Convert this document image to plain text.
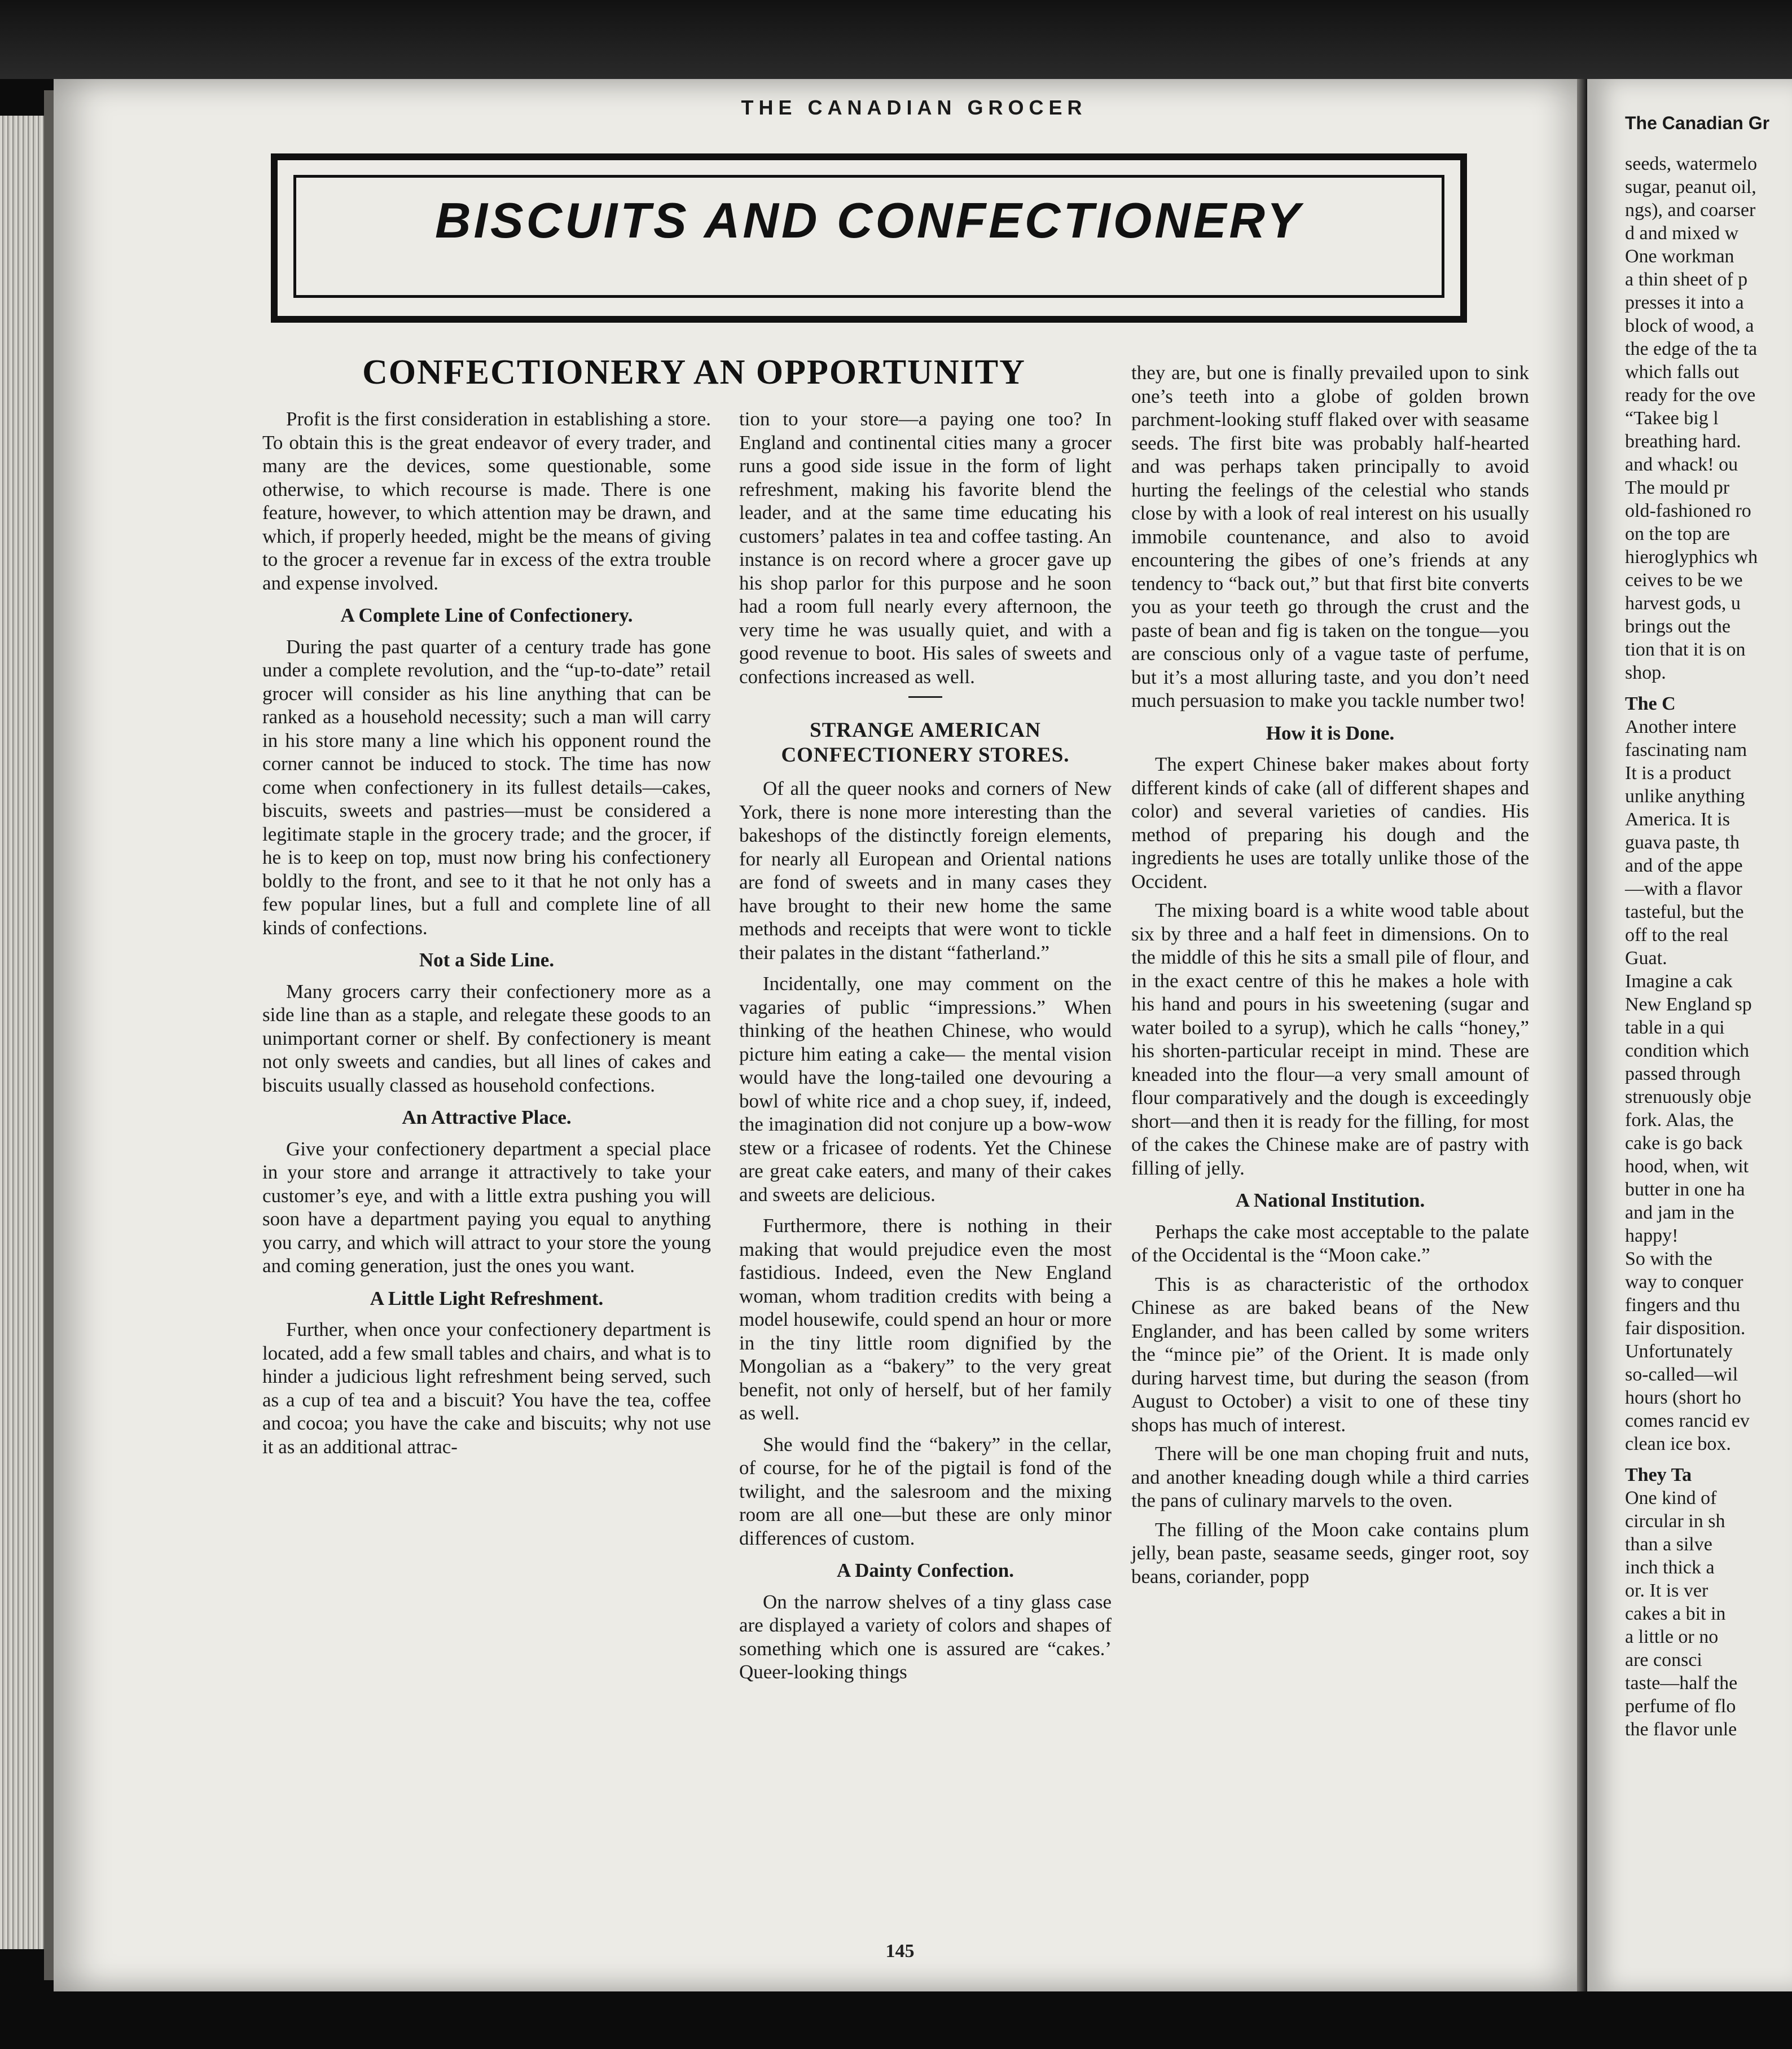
THE CANADIAN GROCER
BISCUITS AND CONFECTIONERY
CONFECTIONERY AN OPPORTUNITY

Profit is the first consideration in establishing a store. To obtain this is the great endeavor of every trader, and many are the devices, some questionable, some otherwise, to which recourse is made. There is one feature, however, to which attention may be drawn, and which, if properly heeded, might be the means of giving to the grocer a revenue far in excess of the extra trouble and expense involved.

A Complete Line of Confectionery.

During the past quarter of a century trade has gone under a complete revolution, and the “up-to-date” retail grocer will consider as his line anything that can be ranked as a household necessity; such a man will carry in his store many a line which his opponent round the corner cannot be induced to stock. The time has now come when confectionery in its fullest details—cakes, biscuits, sweets and pastries—must be considered a legitimate staple in the grocery trade; and the grocer, if he is to keep on top, must now bring his confectionery boldly to the front, and see to it that he not only has a few popular lines, but a full and complete line of all kinds of confections.

Not a Side Line.

Many grocers carry their confectionery more as a side line than as a staple, and relegate these goods to an unimportant corner or shelf. By confectionery is meant not only sweets and candies, but all lines of cakes and biscuits usually classed as household confections.

An Attractive Place.

Give your confectionery department a special place in your store and arrange it attractively to take your customer’s eye, and with a little extra pushing you will soon have a department paying you equal to anything you carry, and which will attract to your store the young and coming generation, just the ones you want.

A Little Light Refreshment.

Further, when once your confectionery department is located, add a few small tables and chairs, and what is to hinder a judicious light refreshment being served, such as a cup of tea and a biscuit? You have the tea, coffee and cocoa; you have the cake and biscuits; why not use it as an additional attrac-

tion to your store—a paying one too? In England and continental cities many a grocer runs a good side issue in the form of light refreshment, making his favorite blend the leader, and at the same time educating his customers’ palates in tea and coffee tasting. An instance is on record where a grocer gave up his shop parlor for this purpose and he soon had a room full nearly every afternoon, the very time he was usually quiet, and with a good revenue to boot. His sales of sweets and confections increased as well.

STRANGE AMERICAN CONFECTIONERY STORES.

Of all the queer nooks and corners of New York, there is none more interesting than the bakeshops of the distinctly foreign elements, for nearly all European and Oriental nations are fond of sweets and in many cases they have brought to their new home the same methods and receipts that were wont to tickle their palates in the distant “fatherland.”

Incidentally, one may comment on the vagaries of public “impressions.” When thinking of the heathen Chinese, who would picture him eating a cake— the mental vision would have the long-tailed one devouring a bowl of white rice and a chop suey, if, indeed, the imagination did not conjure up a bow-wow stew or a fricasee of rodents. Yet the Chinese are great cake eaters, and many of their cakes and sweets are delicious.

Furthermore, there is nothing in their making that would prejudice even the most fastidious. Indeed, even the New England woman, whom tradition credits with being a model housewife, could spend an hour or more in the tiny little room dignified by the Mongolian as a “bakery” to the very great benefit, not only of herself, but of her family as well.

She would find the “bakery” in the cellar, of course, for he of the pigtail is fond of the twilight, and the salesroom and the mixing room are all one—but these are only minor differences of custom.

A Dainty Confection.

On the narrow shelves of a tiny glass case are displayed a variety of colors and shapes of something which one is assured are “cakes.’ Queer-looking things

they are, but one is finally prevailed upon to sink one’s teeth into a globe of golden brown parchment-looking stuff flaked over with seasame seeds. The first bite was probably half-hearted and was perhaps taken principally to avoid hurting the feelings of the celestial who stands close by with a look of real interest on his usually immobile countenance, and also to avoid encountering the gibes of one’s friends at any tendency to “back out,” but that first bite converts you as your teeth go through the crust and the paste of bean and fig is taken on the tongue—you are conscious only of a vague taste of perfume, but it’s a most alluring taste, and you don’t need much persuasion to make you tackle number two!

How it is Done.

The expert Chinese baker makes about forty different kinds of cake (all of different shapes and color) and several varieties of candies. His method of preparing his dough and the ingredients he uses are totally unlike those of the Occident.

The mixing board is a white wood table about six by three and a half feet in dimensions. On to the middle of this he sits a small pile of flour, and in the exact centre of this he makes a hole with his hand and pours in his sweetening (sugar and water boiled to a syrup), which he calls “honey,” his shorten-particular receipt in mind. These are kneaded into the flour—a very small amount of flour comparatively and the dough is exceedingly short—and then it is ready for the filling, for most of the cakes the Chinese make are of pastry with filling of jelly.

A National Institution.

Perhaps the cake most acceptable to the palate of the Occidental is the “Moon cake.”

This is as characteristic of the orthodox Chinese as are baked beans of the New Englander, and has been called by some writers the “mince pie” of the Orient. It is made only during harvest time, but during the season (from August to October) a visit to one of these tiny shops has much of interest.

There will be one man choping fruit and nuts, and another kneading dough while a third carries the pans of culinary marvels to the oven.

The filling of the Moon cake contains plum jelly, bean paste, seasame seeds, ginger root, soy beans, coriander, popp

145
The Canadian Gr
seeds, watermelo
sugar, peanut oil,
ngs), and coarser
d and mixed w
One workman
a thin sheet of p
presses it into a
block of wood, a
the edge of the ta
which falls out
ready for the ove
“Takee big l
breathing hard.
and whack! ou
The mould pr
old-fashioned ro
on the top are
hieroglyphics wh
ceives to be we
harvest gods, u
brings out the
tion that it is on
shop.
The C
Another intere
fascinating nam
It is a product
unlike anything
America. It is
guava paste, th
and of the appe
—with a flavor
tasteful, but the
off to the real
Guat.
Imagine a cak
New England sp
table in a qui
condition which
passed through
strenuously obje
fork. Alas, the
cake is go back
hood, when, wit
butter in one ha
and jam in the
happy!
So with the
way to conquer
fingers and thu
fair disposition.
Unfortunately
so-called—wil
hours (short ho
comes rancid ev
clean ice box.
They Ta
One kind of
circular in sh
than a silve
inch thick a
or. It is ver
cakes a bit in
a little or no
are consci
taste—half the
perfume of flo
the flavor unle
